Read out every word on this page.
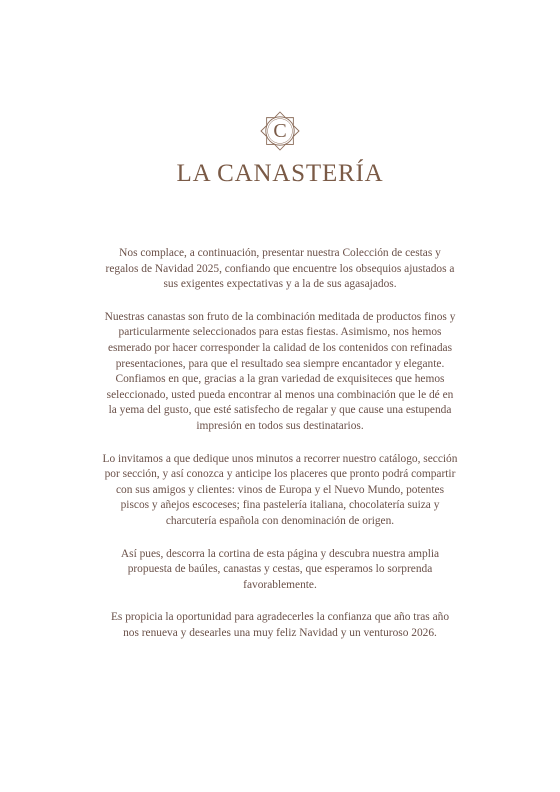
C
LA CANASTERÍA

Nos complace, a continuación, presentar nuestra Colección de cestas y regalos de Navidad 2025, confiando que encuentre los obsequios ajustados a sus exigentes expectativas y a la de sus agasajados.

Nuestras canastas son fruto de la combinación meditada de productos finos y particularmente seleccionados para estas fiestas. Asimismo, nos hemos esmerado por hacer corresponder la calidad de los contenidos con refinadas presentaciones, para que el resultado sea siempre encantador y elegante. Confiamos en que, gracias a la gran variedad de exquisiteces que hemos seleccionado, usted pueda encontrar al menos una combinación que le dé en la yema del gusto, que esté satisfecho de regalar y que cause una estupenda impresión en todos sus destinatarios.

Lo invitamos a que dedique unos minutos a recorrer nuestro catálogo, sección por sección, y así conozca y anticipe los placeres que pronto podrá compartir con sus amigos y clientes: vinos de Europa y el Nuevo Mundo, potentes piscos y añejos escoceses; fina pastelería italiana, chocolatería suiza y charcutería española con denominación de origen.

Así pues, descorra la cortina de esta página y descubra nuestra amplia propuesta de baúles, canastas y cestas, que esperamos lo sorprenda favorablemente.

Es propicia la oportunidad para agradecerles la confianza que año tras año nos renueva y desearles una muy feliz Navidad y un venturoso 2026.
